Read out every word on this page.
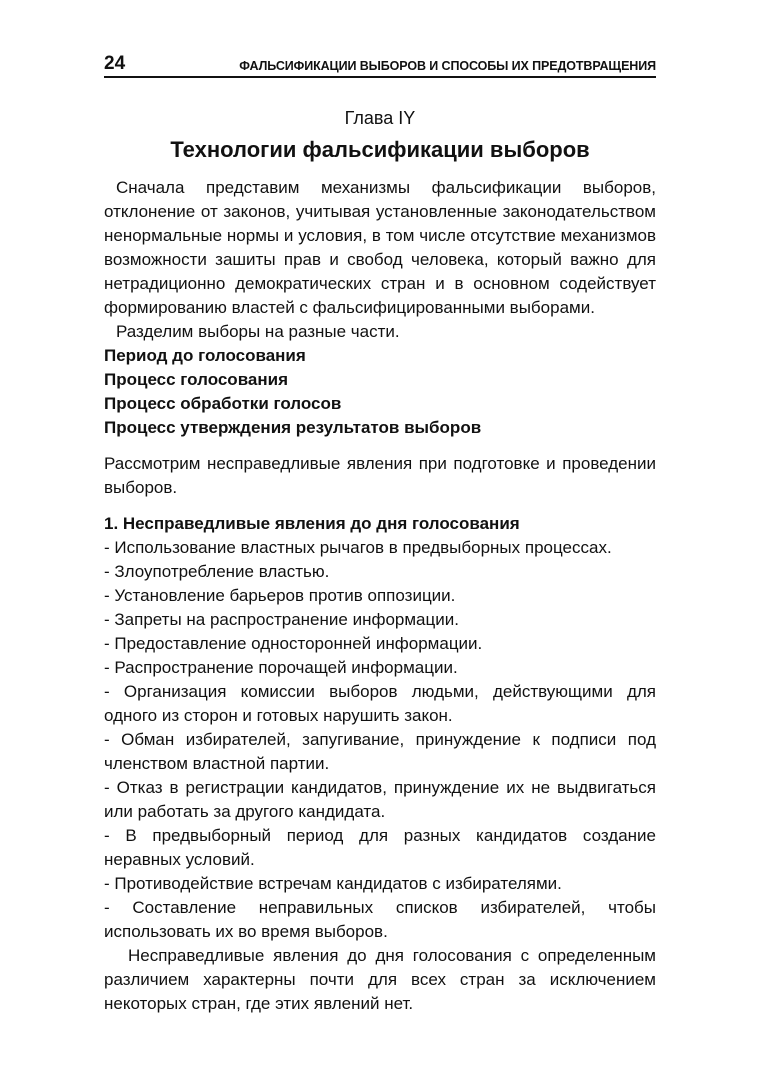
24	ФАЛЬСИФИКАЦИИ ВЫБОРОВ И СПОСОБЫ ИХ ПРЕДОТВРАЩЕНИЯ
Глава IY
Технологии фальсификации выборов
Сначала представим механизмы фальсификации выборов, отклонение от законов, учитывая установленные законодательством ненормальные нормы и условия, в том числе отсутствие механизмов возможности зашиты прав и свобод человека, который важно для нетрадиционно демократических стран и в основном содействует формированию властей с фальсифицированными выборами.
Разделим выборы на разные части.
Период до голосования
Процесс голосования
Процесс обработки голосов
Процесс утверждения результатов выборов
Рассмотрим несправедливые явления при подготовке и проведении выборов.
1. Несправедливые явления до дня голосования
- Использование властных рычагов в предвыборных процессах.
- Злоупотребление властью.
- Установление барьеров против оппозиции.
- Запреты на распространение информации.
- Предоставление односторонней информации.
- Распространение порочащей информации.
- Организация комиссии выборов людьми, действующими для одного из сторон и готовых нарушить закон.
- Обман избирателей, запугивание, принуждение к подписи под членством властной партии.
- Отказ в регистрации кандидатов, принуждение их не выдвигаться или работать за другого кандидата.
- В предвыборный период для разных кандидатов создание неравных условий.
- Противодействие встречам кандидатов с избирателями.
- Составление неправильных списков избирателей, чтобы использовать их во время выборов.
Несправедливые явления до дня голосования с определенным различием характерны почти для всех стран за исключением некоторых стран, где этих явлений нет.
